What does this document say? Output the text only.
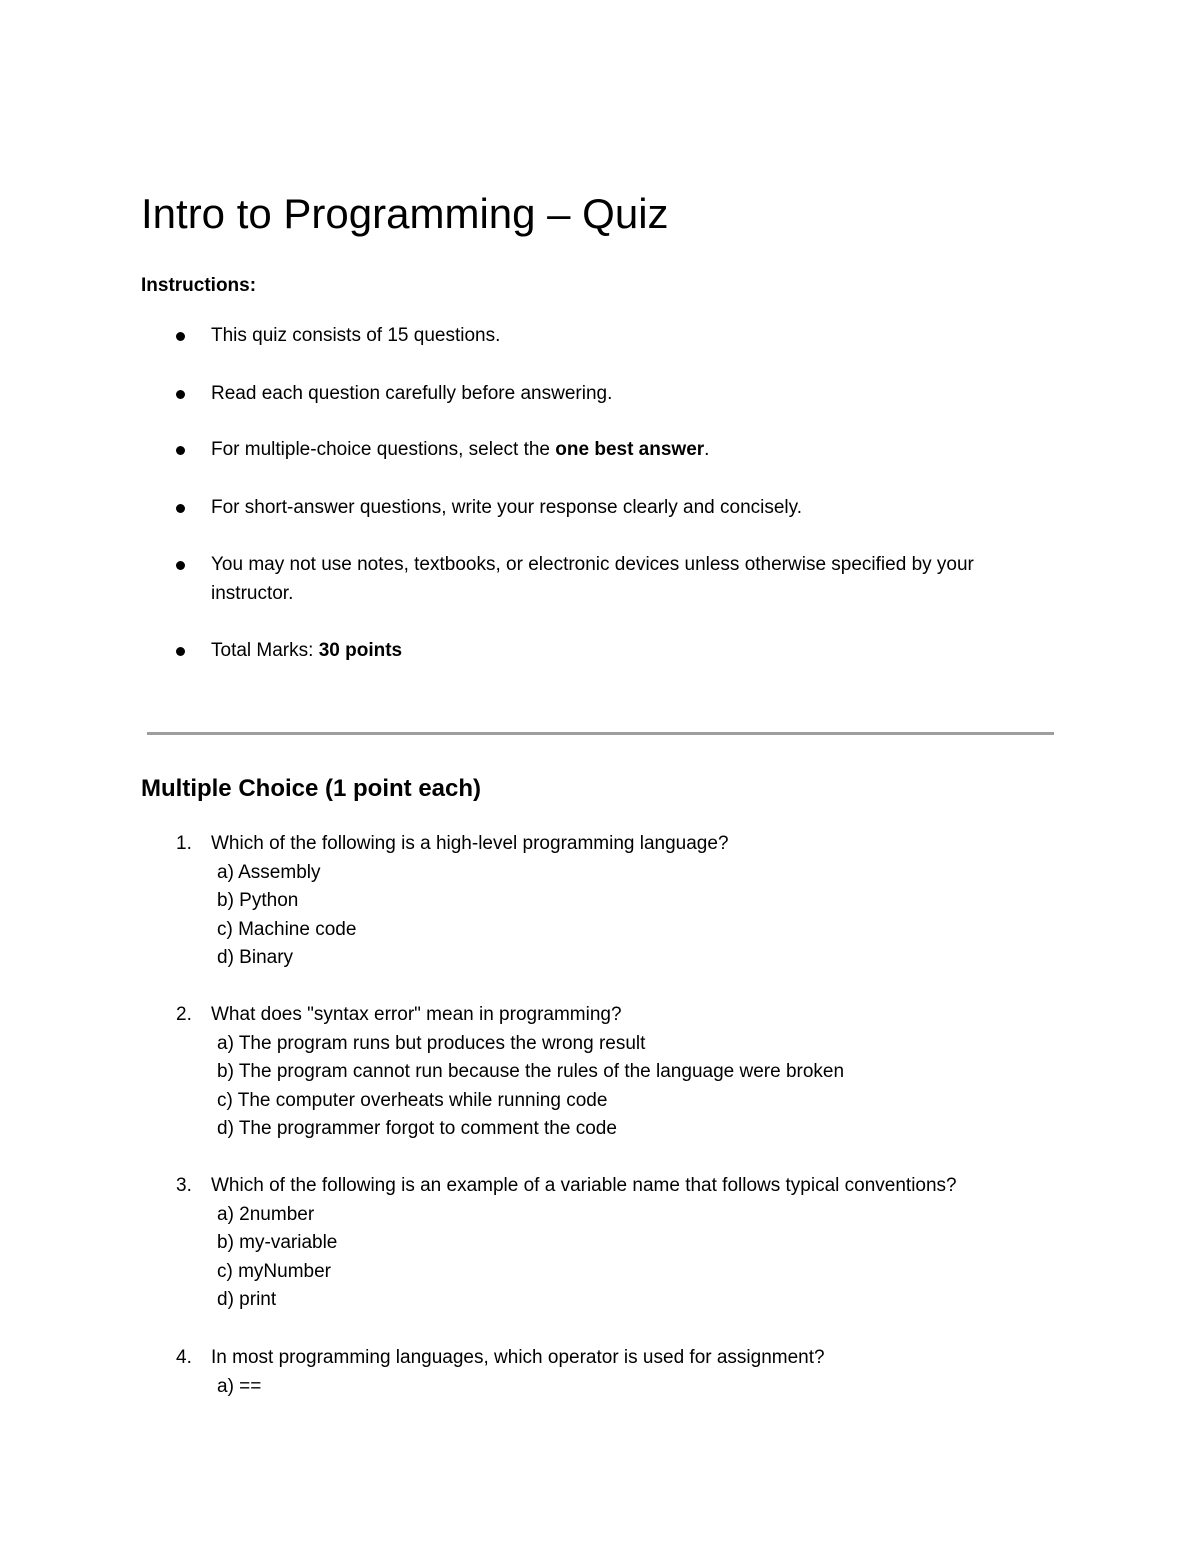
Intro to Programming – Quiz
Instructions:
This quiz consists of 15 questions.
Read each question carefully before answering.
For multiple-choice questions, select the one best answer.
For short-answer questions, write your response clearly and concisely.
You may not use notes, textbooks, or electronic devices unless otherwise specified by your instructor.
Total Marks: 30 points
Multiple Choice (1 point each)
1. Which of the following is a high-level programming language?
a) Assembly
b) Python
c) Machine code
d) Binary
2. What does "syntax error" mean in programming?
a) The program runs but produces the wrong result
b) The program cannot run because the rules of the language were broken
c) The computer overheats while running code
d) The programmer forgot to comment the code
3. Which of the following is an example of a variable name that follows typical conventions?
a) 2number
b) my-variable
c) myNumber
d) print
4. In most programming languages, which operator is used for assignment?
a) ==
